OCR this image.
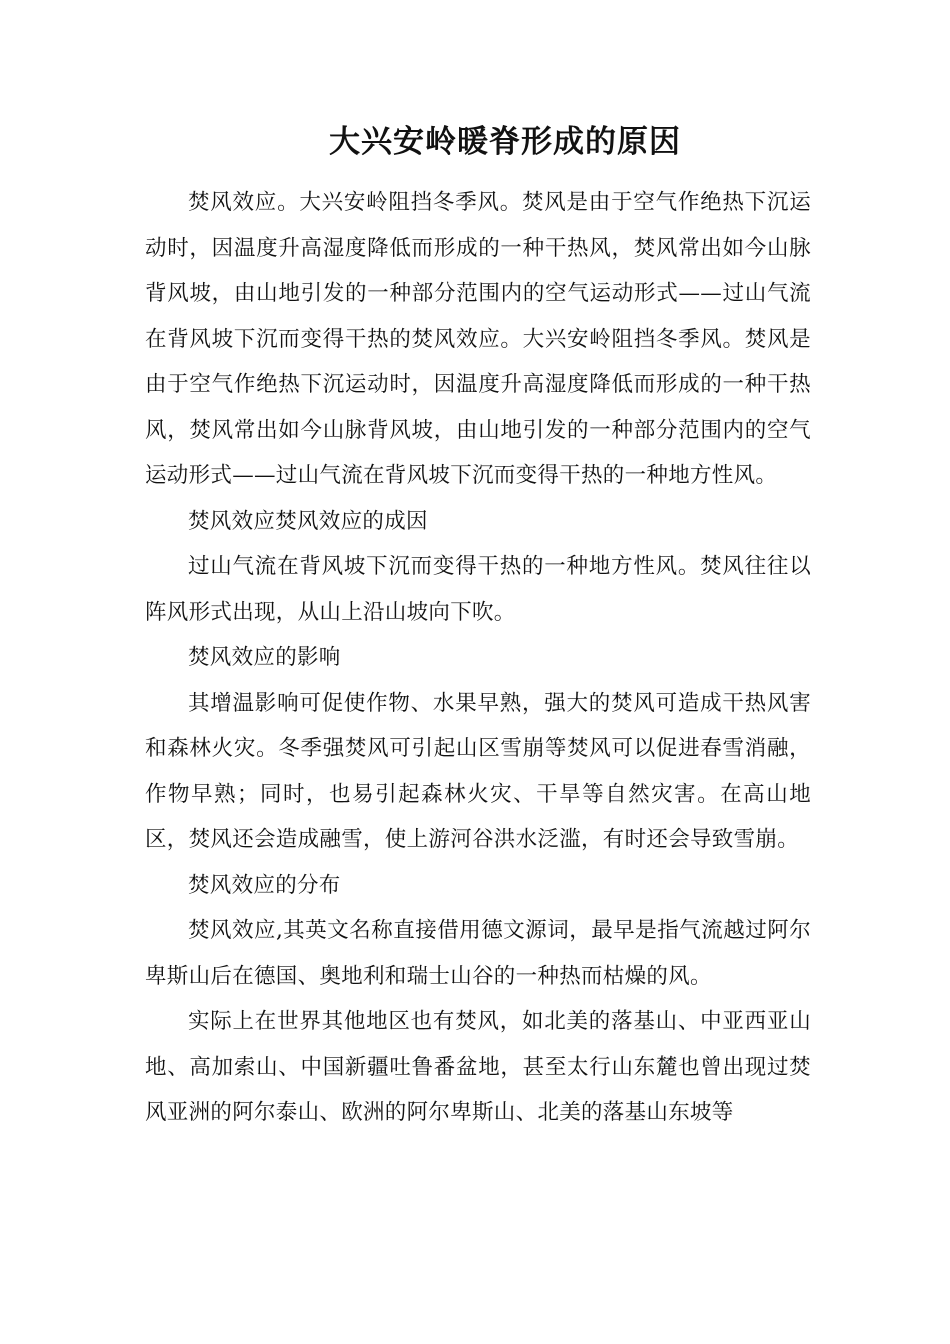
大兴安岭暖脊形成的原因

焚风效应。大兴安岭阻挡冬季风。焚风是由于空气作绝热下沉运动时，因温度升高湿度降低而形成的一种干热风，焚风常出如今山脉背风坡，由山地引发的一种部分范围内的空气运动形式——过山气流在背风坡下沉而变得干热的焚风效应。大兴安岭阻挡冬季风。焚风是由于空气作绝热下沉运动时，因温度升高湿度降低而形成的一种干热风，焚风常出如今山脉背风坡，由山地引发的一种部分范围内的空气运动形式——过山气流在背风坡下沉而变得干热的一种地方性风。

焚风效应焚风效应的成因

过山气流在背风坡下沉而变得干热的一种地方性风。焚风往往以阵风形式出现，从山上沿山坡向下吹。

焚风效应的影响

其增温影响可促使作物、水果早熟，强大的焚风可造成干热风害和森林火灾。冬季强焚风可引起山区雪崩等焚风可以促进春雪消融，作物早熟；同时，也易引起森林火灾、干旱等自然灾害。在高山地区，焚风还会造成融雪，使上游河谷洪水泛滥，有时还会导致雪崩。

焚风效应的分布

焚风效应,其英文名称直接借用德文源词，最早是指气流越过阿尔卑斯山后在德国、奥地利和瑞士山谷的一种热而枯燥的风。

实际上在世界其他地区也有焚风，如北美的落基山、中亚西亚山地、高加索山、中国新疆吐鲁番盆地，甚至太行山东麓也曾出现过焚风亚洲的阿尔泰山、欧洲的阿尔卑斯山、北美的落基山东坡等
